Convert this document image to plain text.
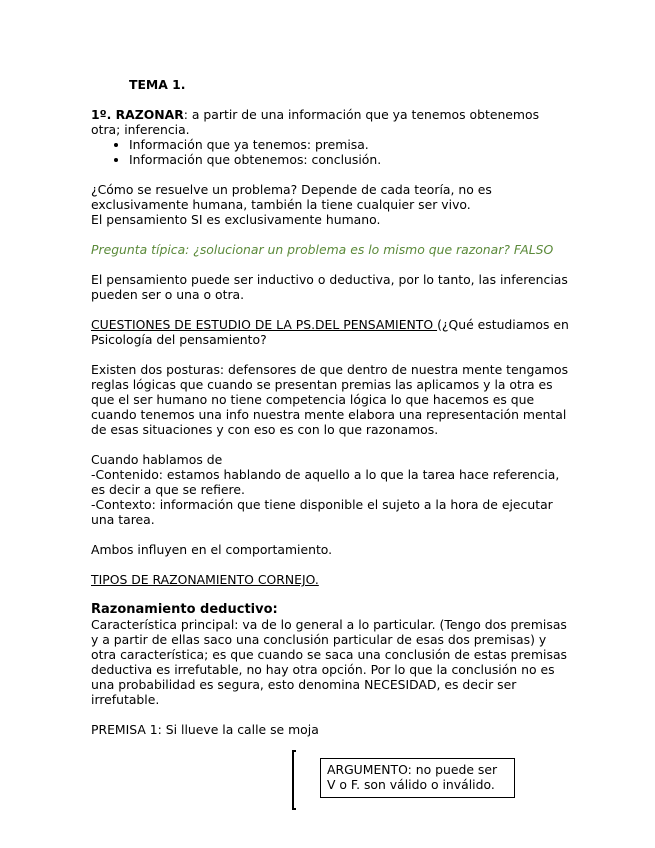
TEMA 1.

1º. RAZONAR: a partir de una información que ya tenemos obtenemos otra; inferencia.

• Información que ya tenemos: premisa.
• Información que obtenemos: conclusión.

¿Cómo se resuelve un problema? Depende de cada teoría, no es exclusivamente humana, también la tiene cualquier ser vivo.

El pensamiento SI es exclusivamente humano.

Pregunta típica: ¿solucionar un problema es lo mismo que razonar? FALSO

El pensamiento puede ser inductivo o deductiva, por lo tanto, las inferencias pueden ser o una o otra.

CUESTIONES DE ESTUDIO DE LA PS.DEL PENSAMIENTO (¿Qué estudiamos en Psicología del pensamiento?

Existen dos posturas: defensores de que dentro de nuestra mente tengamos reglas lógicas que cuando se presentan premias las aplicamos y la otra es que el ser humano no tiene competencia lógica lo que hacemos es que cuando tenemos una info nuestra mente elabora una representación mental de esas situaciones y con eso es con lo que razonamos.

Cuando hablamos de

-Contenido: estamos hablando de aquello a lo que la tarea hace referencia, es decir a que se refiere.

-Contexto: información que tiene disponible el sujeto a la hora de ejecutar una tarea.

Ambos influyen en el comportamiento.

TIPOS DE RAZONAMIENTO CORNEJO.

Razonamiento deductivo:

Característica principal: va de lo general a lo particular. (Tengo dos premisas y a partir de ellas saco una conclusión particular de esas dos premisas) y otra característica; es que cuando se saca una conclusión de estas premisas deductiva es irrefutable, no hay otra opción. Por lo que la conclusión no es una probabilidad es segura, esto denomina NECESIDAD, es decir ser irrefutable.

PREMISA 1: Si llueve la calle se moja

ARGUMENTO: no puede ser V o F. son válido o inválido.
